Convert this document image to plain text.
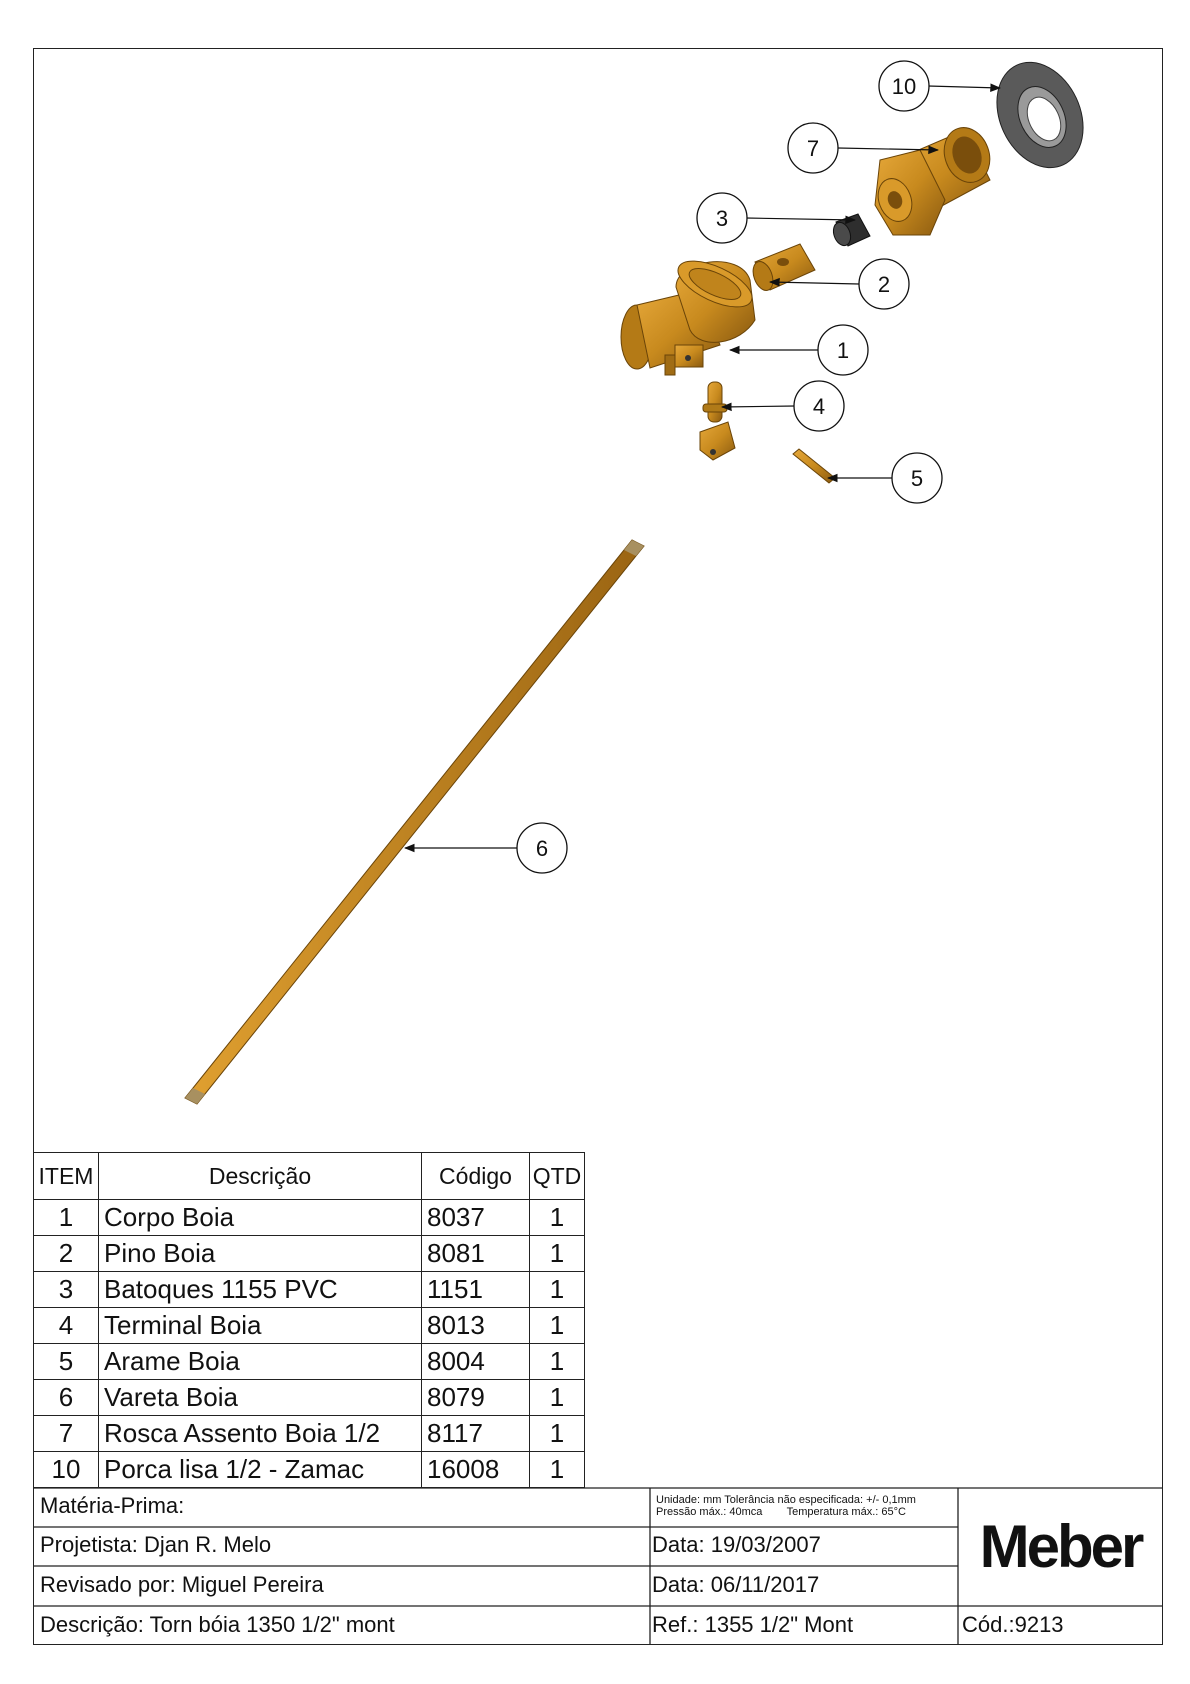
10
7
3
2
1
4
5
6
ITEM	Descrição	Código	QTD
1	Corpo Boia	8037	1
2	Pino Boia	8081	1
3	Batoques 1155 PVC	1151	1
4	Terminal Boia	8013	1
5	Arame Boia	8004	1
6	Vareta Boia	8079	1
7	Rosca Assento Boia 1/2	8117	1
10	Porca lisa 1/2 - Zamac	16008	1
Matéria-Prima:	Unidade: mm Tolerância não especificada: +/- 0,1mm
Pressão máx.: 40mca        Temperatura máx.: 65°C
Projetista: Djan R. Melo	Data: 19/03/2007
Revisado por: Miguel Pereira	Data: 06/11/2017
Descrição: Torn bóia 1350 1/2" mont	Ref.: 1355 1/2" Mont	Cód.:9213
Meber
